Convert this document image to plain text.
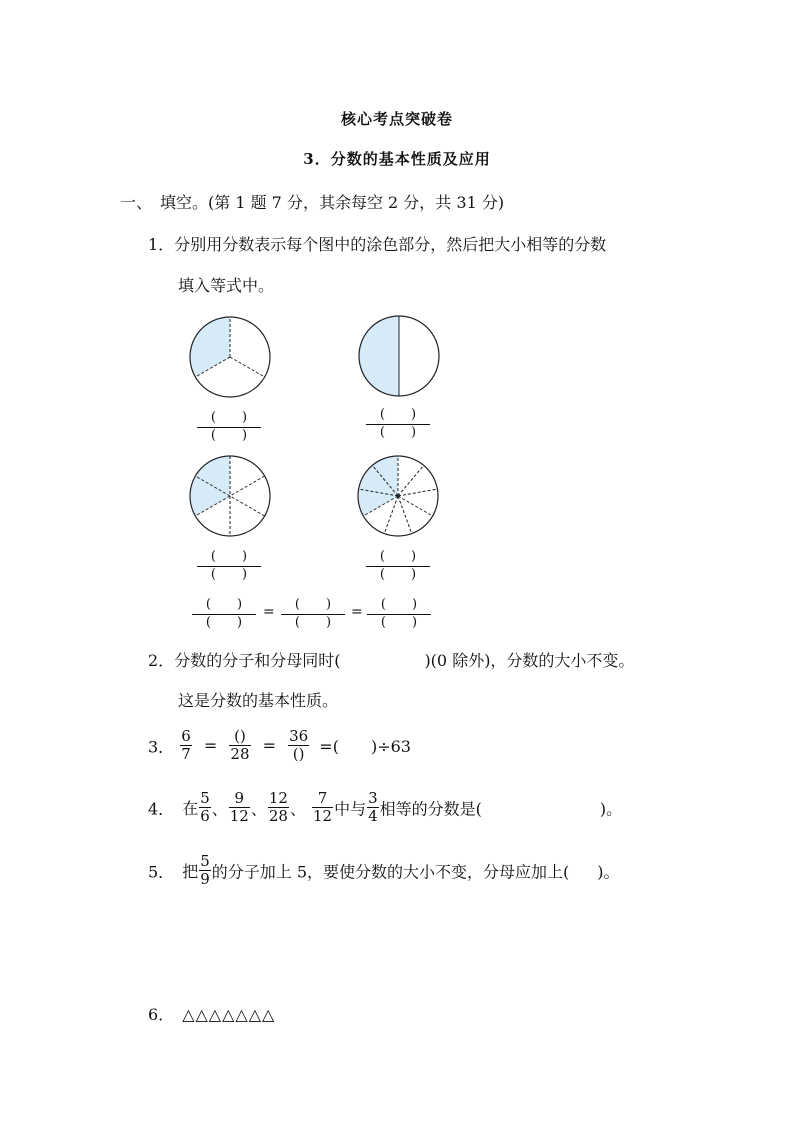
核心考点突破卷
3．分数的基本性质及应用
一、　填空。(第 1 题 7 分，其余每空 2 分，共 31 分)
1．分别用分数表示每个图中的涂色部分，然后把大小相等的分数
填入等式中。
(　　)
(　　)
(　　)
(　　)
(　　)
(　　)
(　　)
(　　)
(　　)
(　　)
=	(　　)
(　　)
=	(　　)
(　　)
2．分数的分子和分母同时(	)(0 除外)，分数的大小不变。
这是分数的基本性质。
3． $\frac{6}{7} = \frac{()}{28} = \frac{36}{()}$ =(　　)÷63
4． 在 $\frac{5}{6}$ 、 $\frac{9}{12}$ 、 $\frac{12}{28}$ 、 $\frac{7}{12}$ 中与 $\frac{3}{4}$ 相等的分数是(	)。
5． 把 $\frac{5}{9}$ 的分子加上 5，要使分数的大小不变，分母应加上( )。
6． △△△△△△△
